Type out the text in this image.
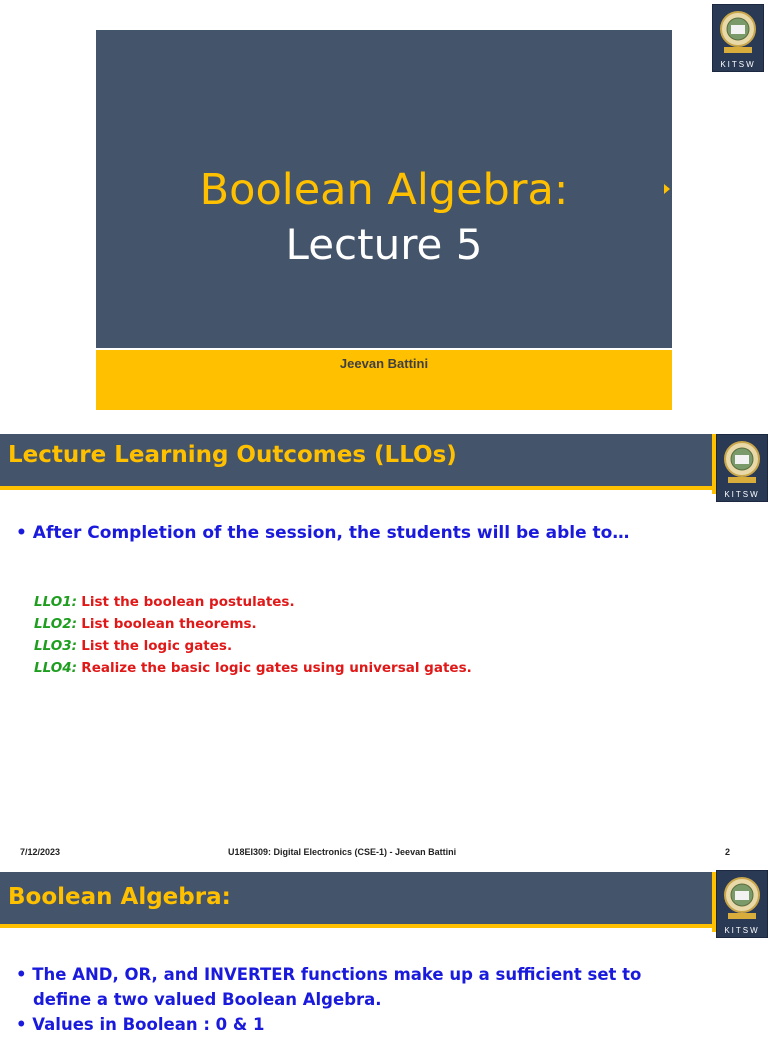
Boolean Algebra:
Lecture 5
Jeevan Battini
KITSW
Lecture Learning Outcomes (LLOs)
KITSW
• After Completion of the session, the students will be able to…
LLO1: List the boolean postulates.
LLO2: List boolean theorems.
LLO3: List the logic gates.
LLO4: Realize the basic logic gates using universal gates.
7/12/2023	U18EI309: Digital Electronics (CSE-1) - Jeevan Battini	2
Boolean Algebra:
KITSW
• The AND, OR, and INVERTER functions make up a sufficient set to
define a two valued Boolean Algebra.
• Values in Boolean : 0 & 1
